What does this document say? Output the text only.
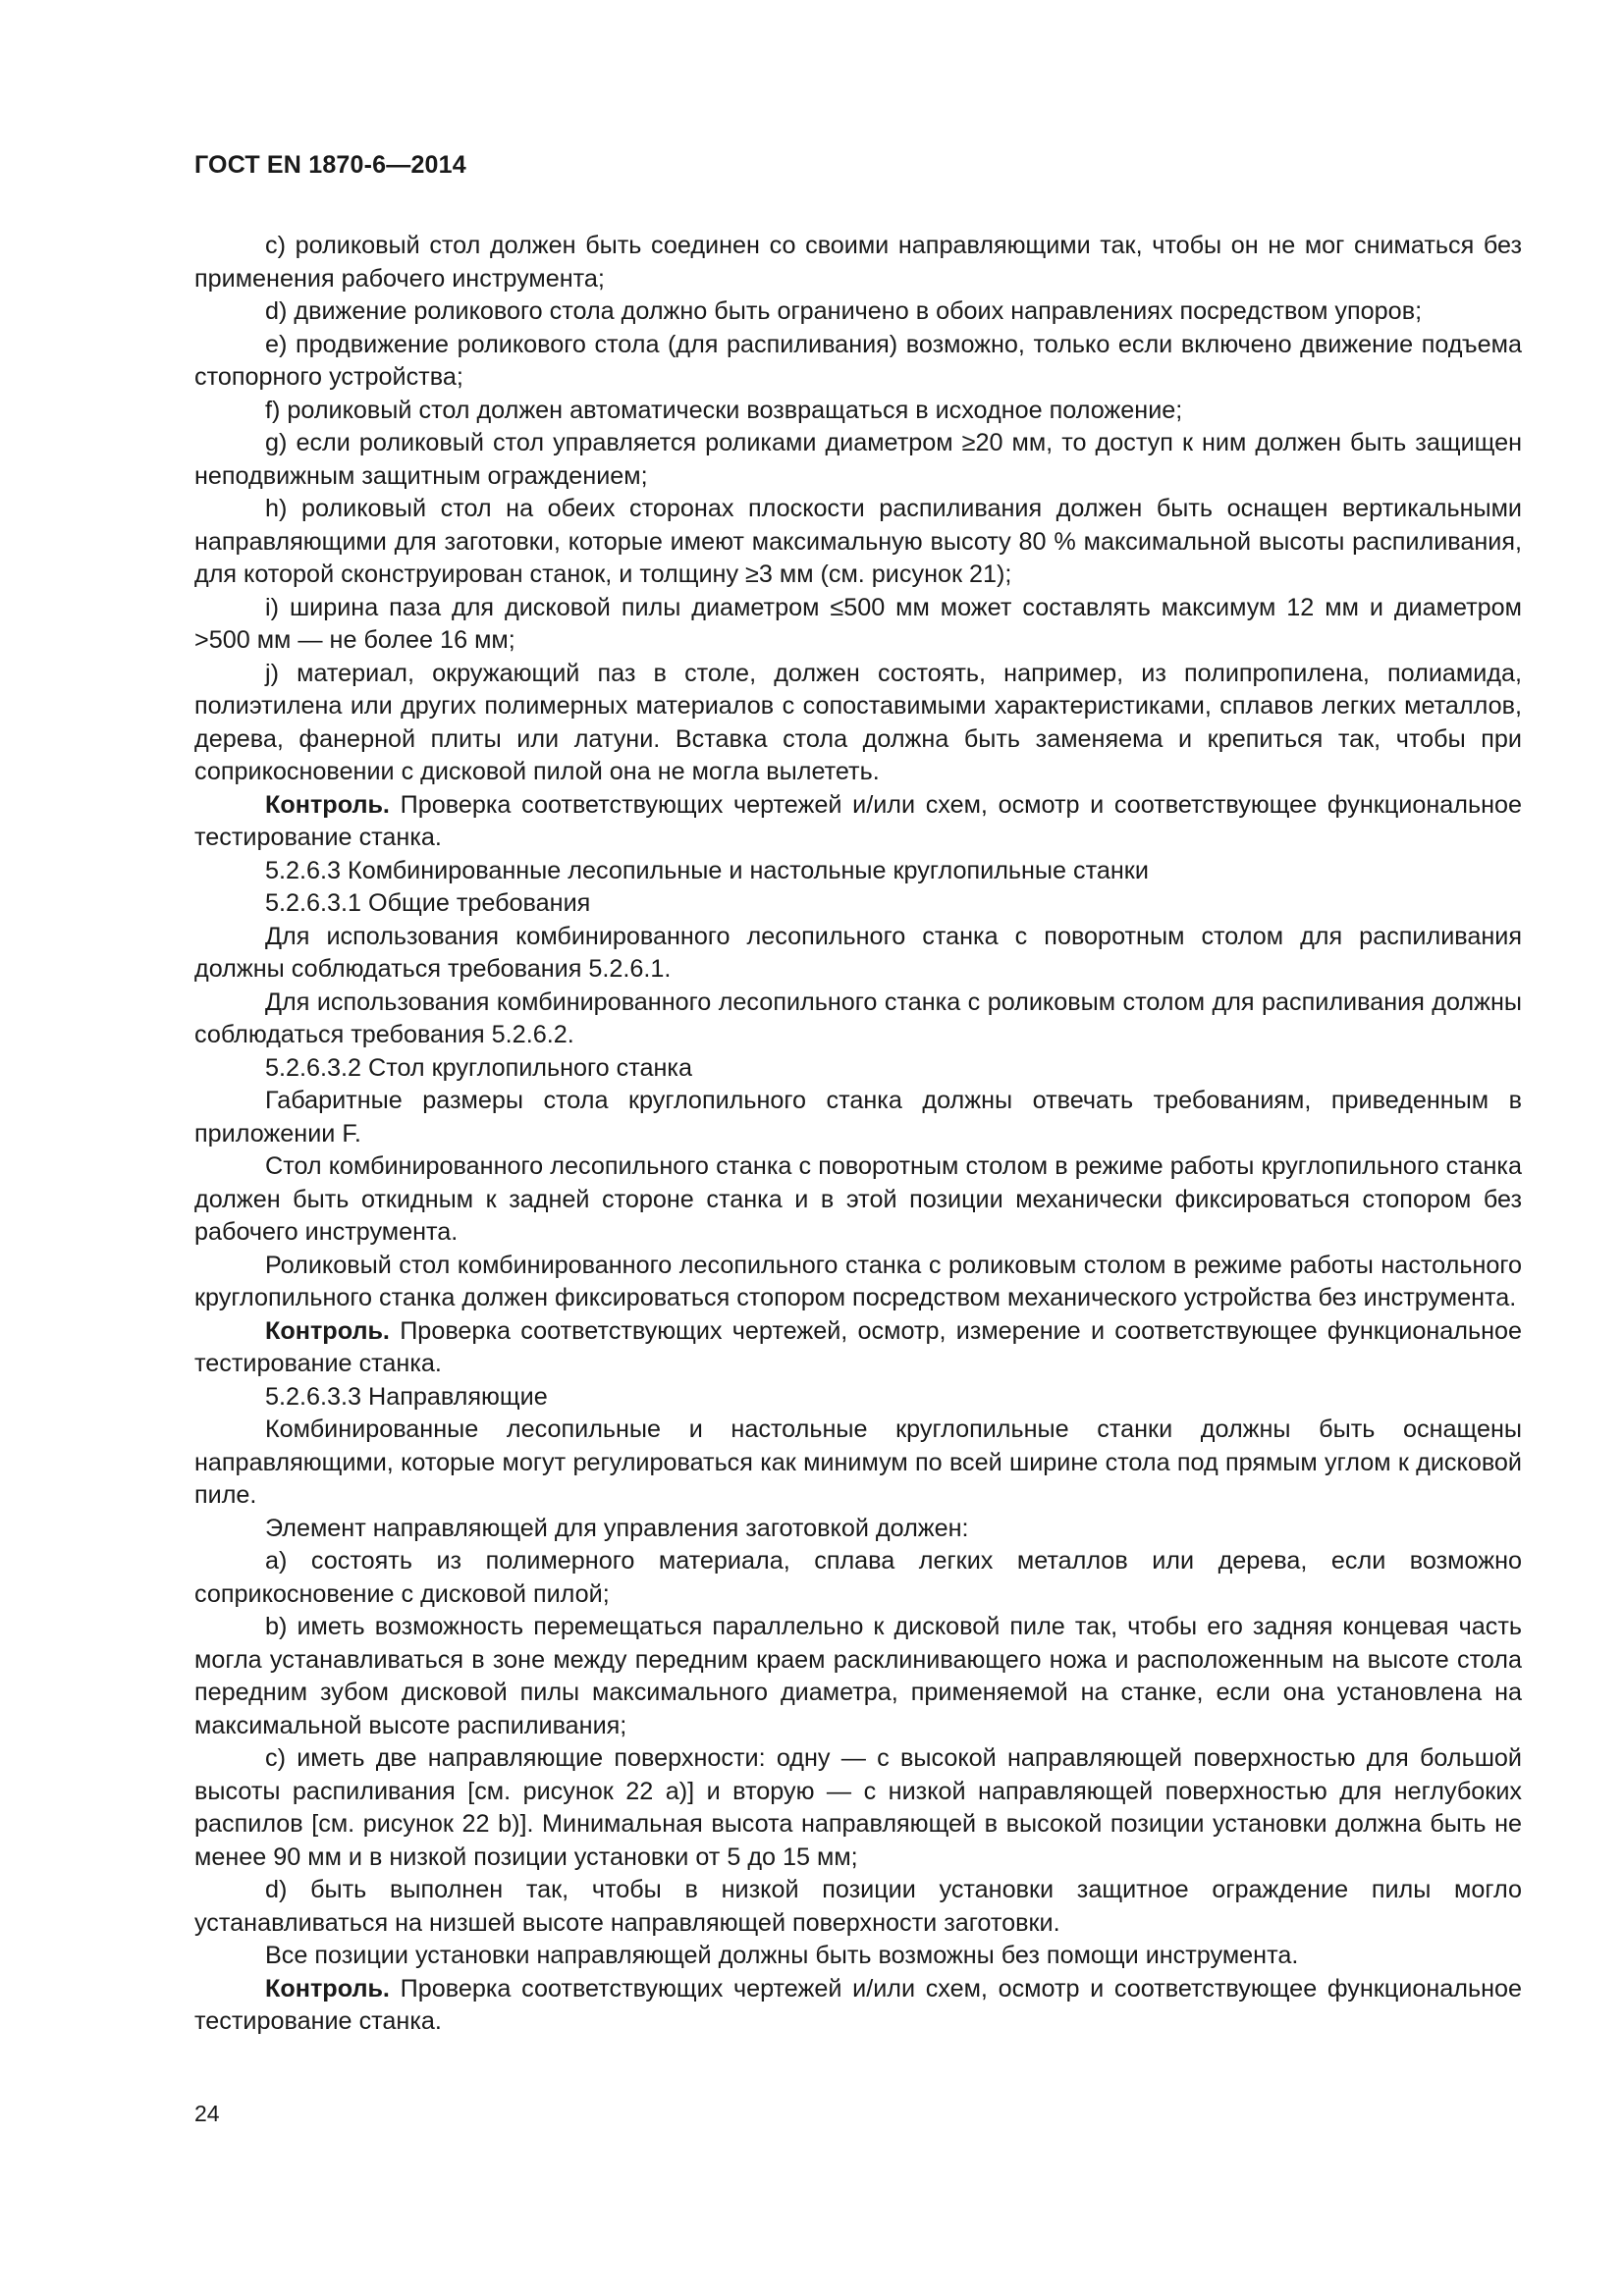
ГОСТ EN 1870-6—2014

c) роликовый стол должен быть соединен со своими направляющими так, чтобы он не мог сниматься без применения рабочего инструмента;

d) движение роликового стола должно быть ограничено в обоих направлениях посредством упоров;

e) продвижение роликового стола (для распиливания) возможно, только если включено движение подъема стопорного устройства;

f) роликовый стол должен автоматически возвращаться в исходное положение;

g) если роликовый стол управляется роликами диаметром ≥20 мм, то доступ к ним должен быть защищен неподвижным защитным ограждением;

h) роликовый стол на обеих сторонах плоскости распиливания должен быть оснащен вертикальными направляющими для заготовки, которые имеют максимальную высоту 80 % максимальной высоты распиливания, для которой сконструирован станок, и толщину ≥3 мм (см. рисунок 21);

i) ширина паза для дисковой пилы диаметром ≤500 мм может составлять максимум 12 мм и диаметром >500 мм — не более 16 мм;

j) материал, окружающий паз в столе, должен состоять, например, из полипропилена, полиамида, полиэтилена или других полимерных материалов с сопоставимыми характеристиками, сплавов легких металлов, дерева, фанерной плиты или латуни. Вставка стола должна быть заменяема и крепиться так, чтобы при соприкосновении с дисковой пилой она не могла вылететь.

Контроль. Проверка соответствующих чертежей и/или схем, осмотр и соответствующее функциональное тестирование станка.

5.2.6.3 Комбинированные лесопильные и настольные круглопильные станки

5.2.6.3.1 Общие требования

Для использования комбинированного лесопильного станка с поворотным столом для распиливания должны соблюдаться требования 5.2.6.1.

Для использования комбинированного лесопильного станка с роликовым столом для распиливания должны соблюдаться требования 5.2.6.2.

5.2.6.3.2 Стол круглопильного станка

Габаритные размеры стола круглопильного станка должны отвечать требованиям, приведенным в приложении F.

Стол комбинированного лесопильного станка с поворотным столом в режиме работы круглопильного станка должен быть откидным к задней стороне станка и в этой позиции механически фиксироваться стопором без рабочего инструмента.

Роликовый стол комбинированного лесопильного станка с роликовым столом в режиме работы настольного круглопильного станка должен фиксироваться стопором посредством механического устройства без инструмента.

Контроль. Проверка соответствующих чертежей, осмотр, измерение и соответствующее функциональное тестирование станка.

5.2.6.3.3 Направляющие

Комбинированные лесопильные и настольные круглопильные станки должны быть оснащены направляющими, которые могут регулироваться как минимум по всей ширине стола под прямым углом к дисковой пиле.

Элемент направляющей для управления заготовкой должен:

a) состоять из полимерного материала, сплава легких металлов или дерева, если возможно соприкосновение с дисковой пилой;

b) иметь возможность перемещаться параллельно к дисковой пиле так, чтобы его задняя концевая часть могла устанавливаться в зоне между передним краем расклинивающего ножа и расположенным на высоте стола передним зубом дисковой пилы максимального диаметра, применяемой на станке, если она установлена на максимальной высоте распиливания;

c) иметь две направляющие поверхности: одну — с высокой направляющей поверхностью для большой высоты распиливания [см. рисунок 22 a)] и вторую — с низкой направляющей поверхностью для неглубоких распилов [см. рисунок 22 b)]. Минимальная высота направляющей в высокой позиции установки должна быть не менее 90 мм и в низкой позиции установки от 5 до 15 мм;

d) быть выполнен так, чтобы в низкой позиции установки защитное ограждение пилы могло устанавливаться на низшей высоте направляющей поверхности заготовки.

Все позиции установки направляющей должны быть возможны без помощи инструмента.

Контроль. Проверка соответствующих чертежей и/или схем, осмотр и соответствующее функциональное тестирование станка.

24
